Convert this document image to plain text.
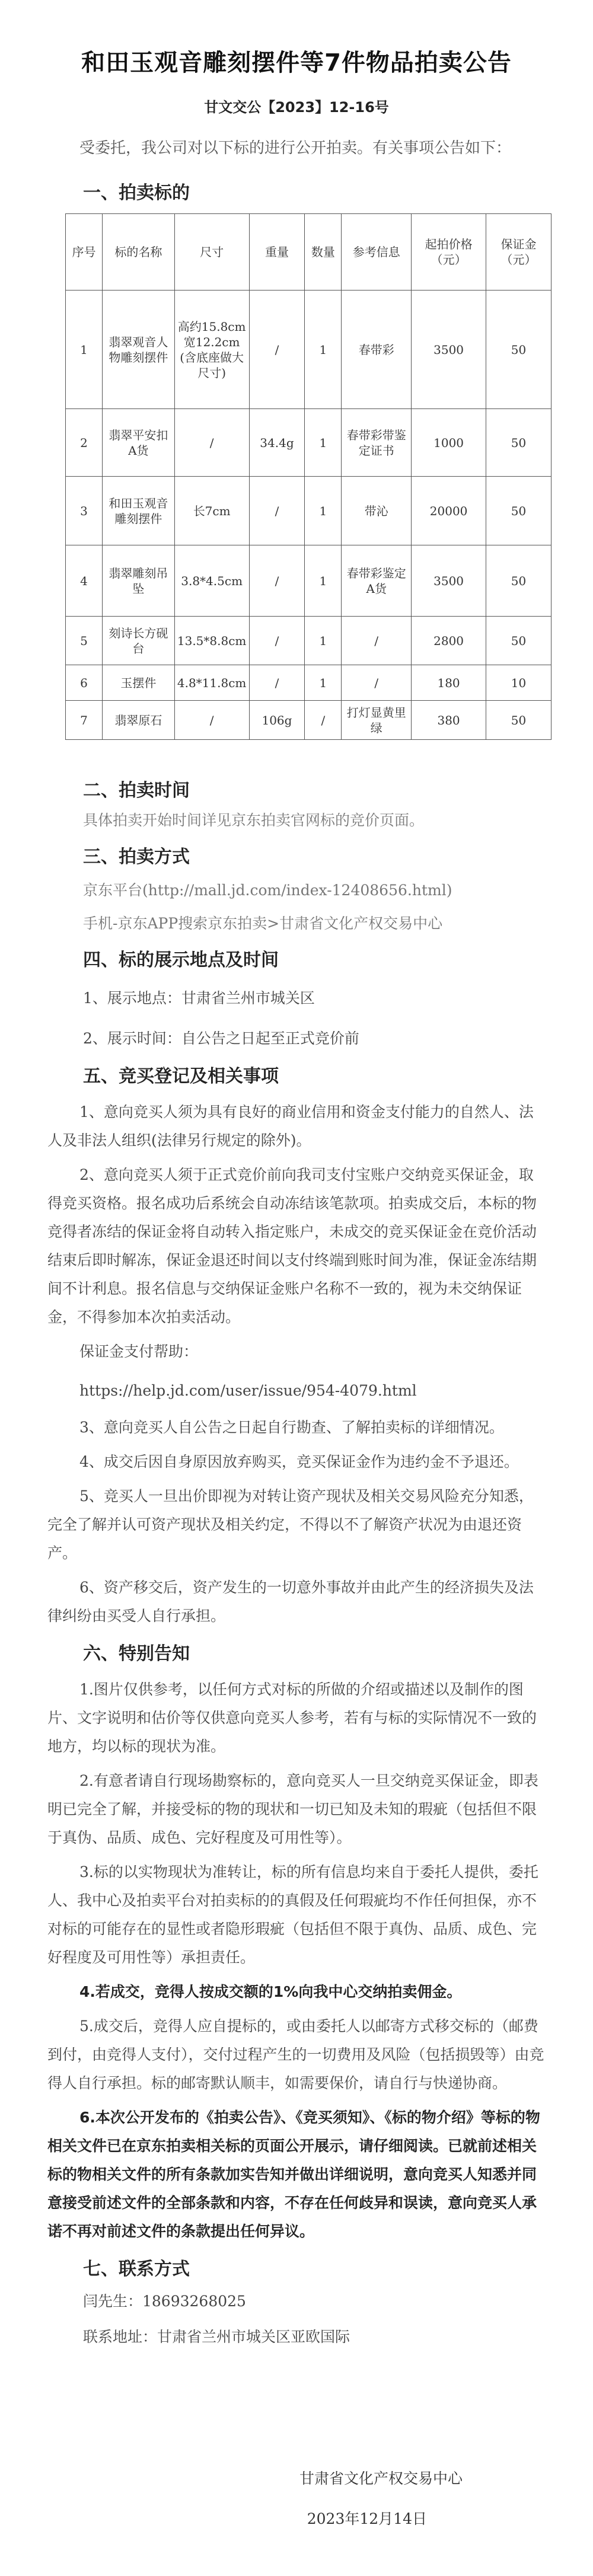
和田玉观音雕刻摆件等7件物品拍卖公告
甘文交公【2023】12-16号

受委托，我公司对以下标的进行公开拍卖。有关事项公告如下：

一、拍卖标的
序号	标的名称	尺寸	重量	数量	参考信息	起拍价格（元）	保证金（元）
1	翡翠观音人物雕刻摆件	高约15.8cm宽12.2cm(含底座做大尺寸)	/	1	春带彩	3500	50
2	翡翠平安扣A货	/	34.4g	1	春带彩带鉴定证书	1000	50
3	和田玉观音雕刻摆件	长7cm	/	1	带沁	20000	50
4	翡翠雕刻吊坠	3.8*4.5cm	/	1	春带彩鉴定A货	3500	50
5	刻诗长方砚台	13.5*8.8cm	/	1	/	2800	50
6	玉摆件	4.8*11.8cm	/	1	/	180	10
7	翡翠原石	/	106g	/	打灯显黄里绿	380	50
二、拍卖时间

具体拍卖开始时间详见京东拍卖官网标的竞价页面。

三、拍卖方式

京东平台(http://mall.jd.com/index-12408656.html)

手机-京东APP搜索京东拍卖>甘肃省文化产权交易中心

四、标的展示地点及时间

1、展示地点：甘肃省兰州市城关区

2、展示时间：自公告之日起至正式竞价前

五、竞买登记及相关事项

1、意向竞买人须为具有良好的商业信用和资金支付能力的自然人、法人及非法人组织(法律另行规定的除外)。

2、意向竞买人须于正式竞价前向我司支付宝账户交纳竞买保证金，取得竞买资格。报名成功后系统会自动冻结该笔款项。拍卖成交后，本标的物竞得者冻结的保证金将自动转入指定账户，未成交的竞买保证金在竞价活动结束后即时解冻，保证金退还时间以支付终端到账时间为准，保证金冻结期间不计利息。报名信息与交纳保证金账户名称不一致的，视为未交纳保证金，不得参加本次拍卖活动。

保证金支付帮助：

https://help.jd.com/user/issue/954-4079.html

3、意向竞买人自公告之日起自行勘查、了解拍卖标的详细情况。

4、成交后因自身原因放弃购买，竞买保证金作为违约金不予退还。

5、竞买人一旦出价即视为对转让资产现状及相关交易风险充分知悉，完全了解并认可资产现状及相关约定，不得以不了解资产状况为由退还资产。

6、资产移交后，资产发生的一切意外事故并由此产生的经济损失及法律纠纷由买受人自行承担。

六、特别告知

1.图片仅供参考，以任何方式对标的所做的介绍或描述以及制作的图片、文字说明和估价等仅供意向竞买人参考，若有与标的实际情况不一致的地方，均以标的现状为准。

2.有意者请自行现场勘察标的，意向竞买人一旦交纳竞买保证金，即表明已完全了解，并接受标的物的现状和一切已知及未知的瑕疵（包括但不限于真伪、品质、成色、完好程度及可用性等）。

3.标的以实物现状为准转让，标的所有信息均来自于委托人提供，委托人、我中心及拍卖平台对拍卖标的的真假及任何瑕疵均不作任何担保，亦不对标的可能存在的显性或者隐形瑕疵（包括但不限于真伪、品质、成色、完好程度及可用性等）承担责任。

4.若成交，竞得人按成交额的1%向我中心交纳拍卖佣金。

5.成交后，竞得人应自提标的，或由委托人以邮寄方式移交标的（邮费到付，由竞得人支付），交付过程产生的一切费用及风险（包括损毁等）由竞得人自行承担。标的邮寄默认顺丰，如需要保价，请自行与快递协商。

6.本次公开发布的《拍卖公告》、《竞买须知》、《标的物介绍》等标的物相关文件已在京东拍卖相关标的页面公开展示，请仔细阅读。已就前述相关标的物相关文件的所有条款加实告知并做出详细说明，意向竞买人知悉并同意接受前述文件的全部条款和内容，不存在任何歧异和误读，意向竞买人承诺不再对前述文件的条款提出任何异议。

七、联系方式

闫先生：18693268025

联系地址：甘肃省兰州市城关区亚欧国际

甘肃省文化产权交易中心
2023年12月14日
